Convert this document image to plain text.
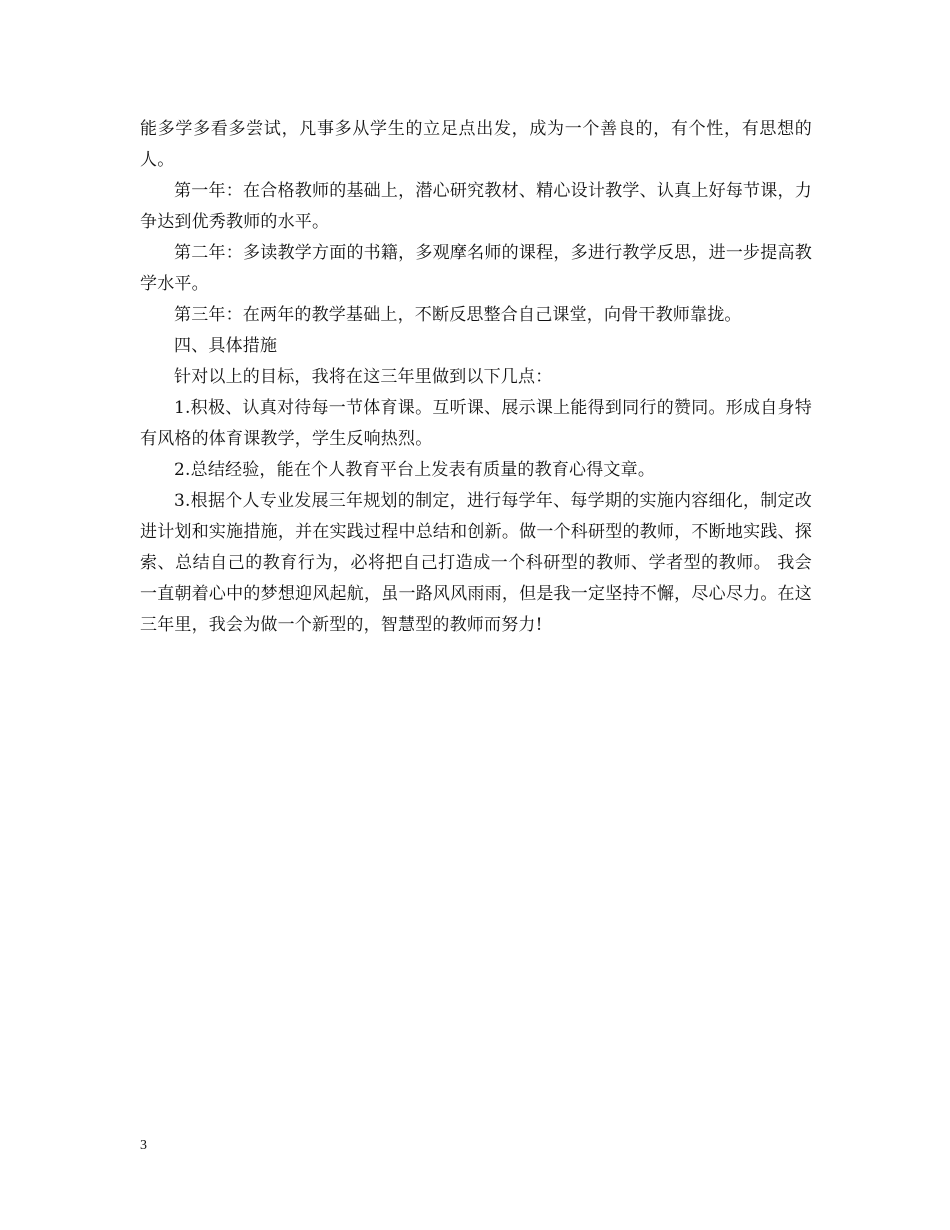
能多学多看多尝试，凡事多从学生的立足点出发，成为一个善良的，有个性，有思想的人。

第一年：在合格教师的基础上，潜心研究教材、精心设计教学、认真上好每节课，力争达到优秀教师的水平。

第二年：多读教学方面的书籍，多观摩名师的课程，多进行教学反思，进一步提高教学水平。

第三年：在两年的教学基础上，不断反思整合自己课堂，向骨干教师靠拢。

四、具体措施

针对以上的目标，我将在这三年里做到以下几点：

1.积极、认真对待每一节体育课。互听课、展示课上能得到同行的赞同。形成自身特有风格的体育课教学，学生反响热烈。

2.总结经验，能在个人教育平台上发表有质量的教育心得文章。

3.根据个人专业发展三年规划的制定，进行每学年、每学期的实施内容细化，制定改进计划和实施措施，并在实践过程中总结和创新。做一个科研型的教师，不断地实践、探索、总结自己的教育行为，必将把自己打造成一个科研型的教师、学者型的教师。 我会一直朝着心中的梦想迎风起航，虽一路风风雨雨，但是我一定坚持不懈，尽心尽力。在这三年里，我会为做一个新型的，智慧型的教师而努力!

3
